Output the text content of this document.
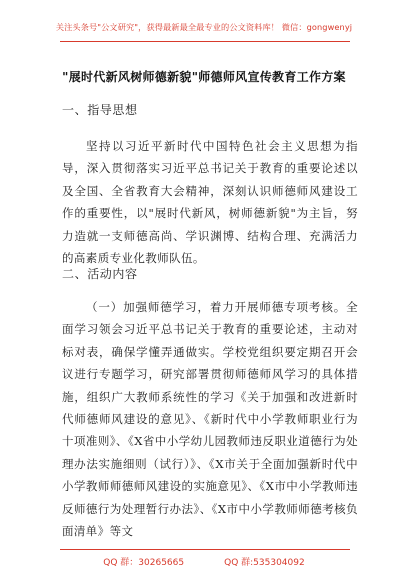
关注头条号"公文研究"，获得最新最全最专业的公文资料库！ 微信：gongwenyj
"展时代新风树师德新貌"师德师风宣传教育工作方案
一、指导思想
坚持以习近平新时代中国特色社会主义思想为指导，深入贯彻落实习近平总书记关于教育的重要论述以及全国、全省教育大会精神，深刻认识师德师风建设工作的重要性，以"展时代新风，树师德新貌"为主旨，努力造就一支师德高尚、学识渊博、结构合理、充满活力的高素质专业化教师队伍。
二、活动内容
（一）加强师德学习，着力开展师德专项考核。全面学习领会习近平总书记关于教育的重要论述，主动对标对表，确保学懂弄通做实。学校党组织要定期召开会议进行专题学习，研究部署贯彻师德师风学习的具体措施，组织广大教师系统性的学习《关于加强和改进新时代师德师风建设的意见》、《新时代中小学教师职业行为十项准则》、《X省中小学幼儿园教师违反职业道德行为处理办法实施细则（试行）》、《X市关于全面加强新时代中小学教师师德师风建设的实施意见》、《X市中小学教师违反师德行为处理暂行办法》、《X市中小学教师师德考核负面清单》等文
QQ 群：30265665	QQ 群:535304092
